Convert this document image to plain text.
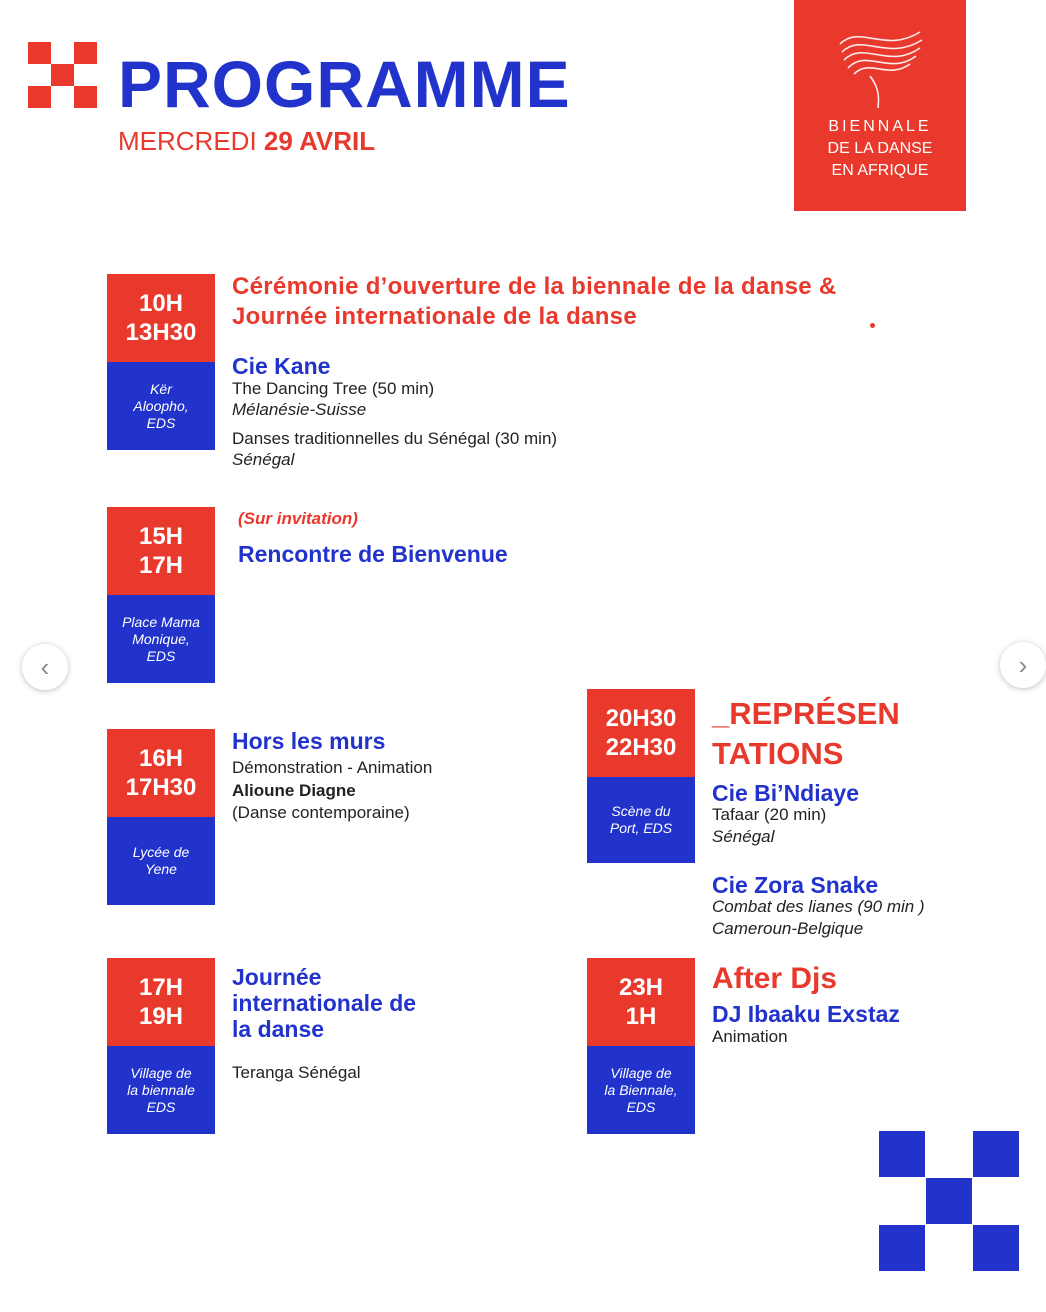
PROGRAMME
MERCREDI 29 AVRIL	BIENNALE
DE LA DANSE
EN AFRIQUE
10H
13H30
Kër
Aloopho,
EDS
Cérémonie d’ouverture de la biennale de la danse & Journée internationale de la danse
Cie Kane
The Dancing Tree (50 min)
Mélanésie-Suisse
Danses traditionnelles du Sénégal (30 min)
Sénégal
15H
17H
Place Mama
Monique,
EDS
(Sur invitation)
Rencontre de Bienvenue
‹	›
16H
17H30
Lycée de
Yene
Hors les murs
Démonstration - Animation
Alioune Diagne
(Danse contemporaine)
17H
19H
Village de
la biennale
EDS
Journée
internationale de
la danse
Teranga Sénégal
20H30
22H30
Scène du
Port, EDS
_REPRÉSEN
TATIONS
Cie Bi’Ndiaye
Tafaar (20 min)
Sénégal
Cie Zora Snake
Combat des lianes (90 min )
Cameroun-Belgique
23H
1H
Village de
la Biennale,
EDS
After Djs
DJ Ibaaku Exstaz
Animation
